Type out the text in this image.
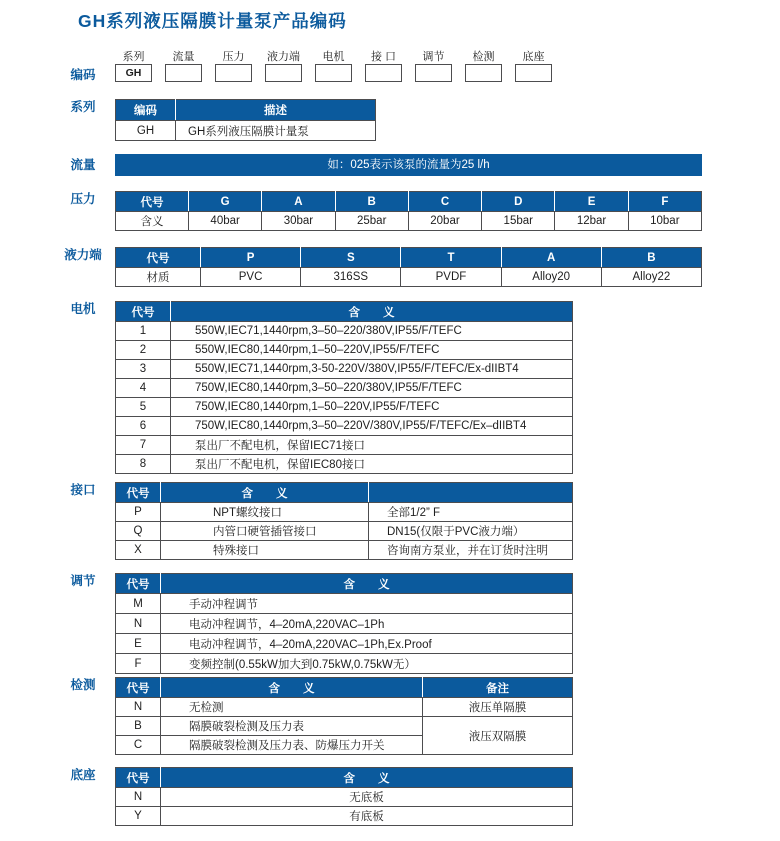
GH系列液压隔膜计量泵产品编码
编码
系列
GH
流量	压力	液力端	电机	接 口	调节	检测	底座
系列	编码	描述
GH	GH系列液压隔膜计量泵
流量	如：025表示该泵的流量为25 l/h
压力	代号	G	A	B	C	D	E	F
含义	40bar	30bar	25bar	20bar	15bar	12bar	10bar
液力端	代号	P	S	T	A	B
材质	PVC	316SS	PVDF	Alloy20	Alloy22
电机	代号	含　　义
1	550W,IEC71,1440rpm,3–50–220/380V,IP55/F/TEFC
2	550W,IEC80,1440rpm,1–50–220V,IP55/F/TEFC
3	550W,IEC71,1440rpm,3-50-220V/380V,IP55/F/TEFC/Ex-dIIBT4
4	750W,IEC80,1440rpm,3–50–220/380V,IP55/F/TEFC
5	750W,IEC80,1440rpm,1–50–220V,IP55/F/TEFC
6	750W,IEC80,1440rpm,3–50–220V/380V,IP55/F/TEFC/Ex–dIIBT4
7	泵出厂不配电机，保留IEC71接口
8	泵出厂不配电机，保留IEC80接口
接口	代号	含　　义	
P	NPT螺纹接口	全部1/2” F
Q	内管口硬管插管接口	DN15(仅限于PVC液力端）
X	特殊接口	咨询南方泵业，并在订货时注明
调节	代号	含　　义
M	手动冲程调节
N	电动冲程调节，4–20mA,220VAC–1Ph
E	电动冲程调节，4–20mA,220VAC–1Ph,Ex.Proof
F	变频控制(0.55kW加大到0.75kW,0.75kW无）
检测	代号	含　　义	备注
N	无检测	液压单隔膜
B	隔膜破裂检测及压力表	液压双隔膜
C	隔膜破裂检测及压力表、防爆压力开关	
底座	代号	含　　义
N	无底板
Y	有底板
